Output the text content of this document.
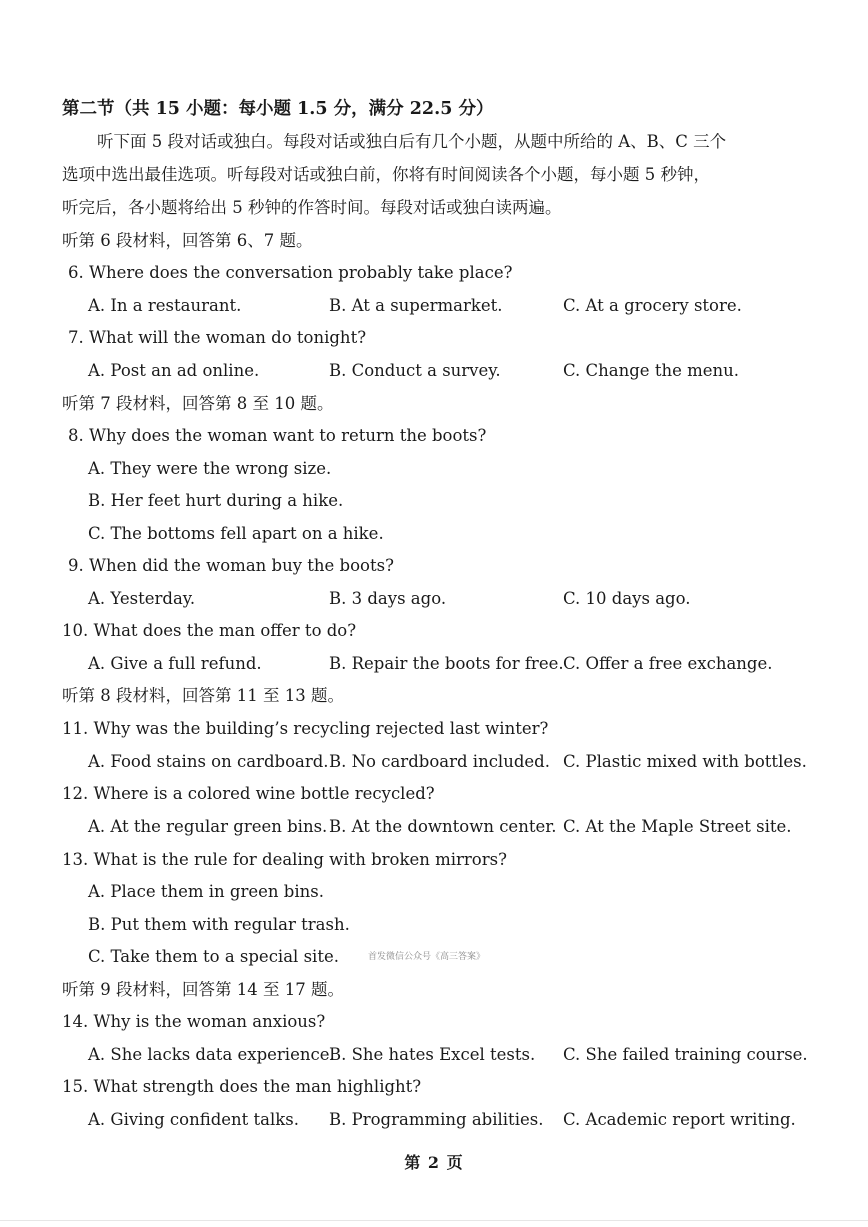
第二节（共 15 小题：每小题 1.5 分，满分 22.5 分）
听下面 5 段对话或独白。每段对话或独白后有几个小题，从题中所给的 A、B、C 三个
选项中选出最佳选项。听每段对话或独白前，你将有时间阅读各个小题，每小题 5 秒钟，
听完后，各小题将给出 5 秒钟的作答时间。每段对话或独白读两遍。
听第 6 段材料，回答第 6、7 题。
6. Where does the conversation probably take place?
A. In a restaurant.	B. At a supermarket.	C. At a grocery store.
7. What will the woman do tonight?
A. Post an ad online.	B. Conduct a survey.	C. Change the menu.
听第 7 段材料，回答第 8 至 10 题。
8. Why does the woman want to return the boots?
A. They were the wrong size.
B. Her feet hurt during a hike.
C. The bottoms fell apart on a hike.
9. When did the woman buy the boots?
A. Yesterday.	B. 3 days ago.	C. 10 days ago.
10. What does the man offer to do?
A. Give a full refund.	B. Repair the boots for free. C. Offer a free exchange.
听第 8 段材料，回答第 11 至 13 题。
11. Why was the building’s recycling rejected last winter?
A. Food stains on cardboard. B. No cardboard included. C. Plastic mixed with bottles.
12. Where is a colored wine bottle recycled?
A. At the regular green bins. B. At the downtown center. C. At the Maple Street site.
13. What is the rule for dealing with broken mirrors?
A. Place them in green bins.
B. Put them with regular trash.
C. Take them to a special site.	首发微信公众号《高三答案》
听第 9 段材料，回答第 14 至 17 题。
14. Why is the woman anxious?
A. She lacks data experience.
B. She hates Excel tests. C. She failed training course.
15. What strength does the man highlight?
A. Giving confident talks. B. Programming abilities. C. Academic report writing.
第 2 页
